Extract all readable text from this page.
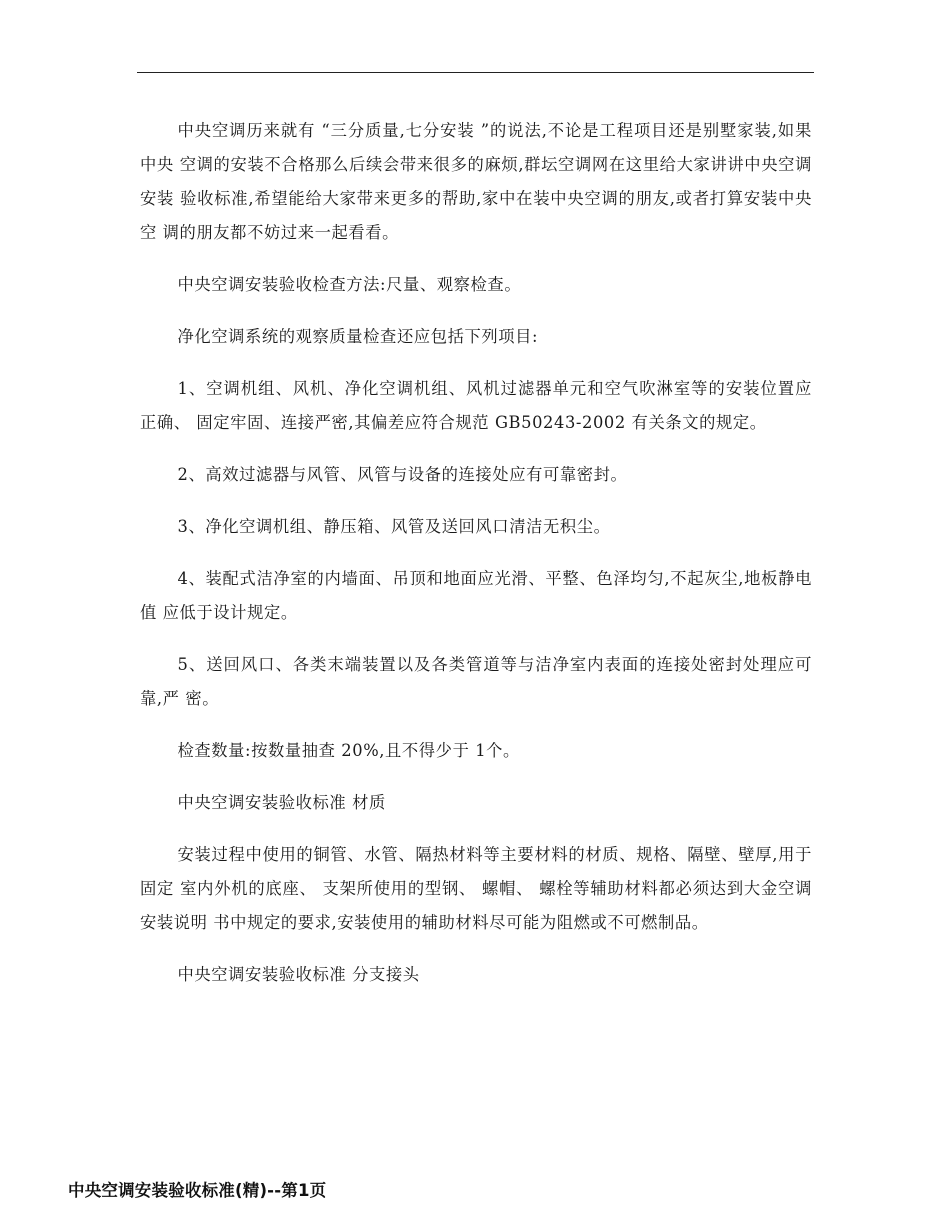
中央空调历来就有 “三分质量,七分安装 ”的说法,不论是工程项目还是别墅家装,如果中央 空调的安装不合格那么后续会带来很多的麻烦,群坛空调网在这里给大家讲讲中央空调安装 验收标准,希望能给大家带来更多的帮助,家中在装中央空调的朋友,或者打算安装中央空 调的朋友都不妨过来一起看看。

中央空调安装验收检查方法:尺量、观察检查。

净化空调系统的观察质量检查还应包括下列项目:

1、空调机组、风机、净化空调机组、风机过滤器单元和空气吹淋室等的安装位置应正确、 固定牢固、连接严密,其偏差应符合规范 GB50243-2002 有关条文的规定。

2、高效过滤器与风管、风管与设备的连接处应有可靠密封。

3、净化空调机组、静压箱、风管及送回风口清洁无积尘。

4、装配式洁净室的内墙面、吊顶和地面应光滑、平整、色泽均匀,不起灰尘,地板静电值 应低于设计规定。

5、送回风口、各类末端装置以及各类管道等与洁净室内表面的连接处密封处理应可靠,严 密。

检查数量:按数量抽查 20%,且不得少于 1个。

中央空调安装验收标准 材质

安装过程中使用的铜管、水管、隔热材料等主要材料的材质、规格、隔壁、壁厚,用于固定 室内外机的底座、 支架所使用的型钢、 螺帽、 螺栓等辅助材料都必须达到大金空调安装说明 书中规定的要求,安装使用的辅助材料尽可能为阻燃或不可燃制品。

中央空调安装验收标准 分支接头

中央空调安装验收标准(精)--第1页
